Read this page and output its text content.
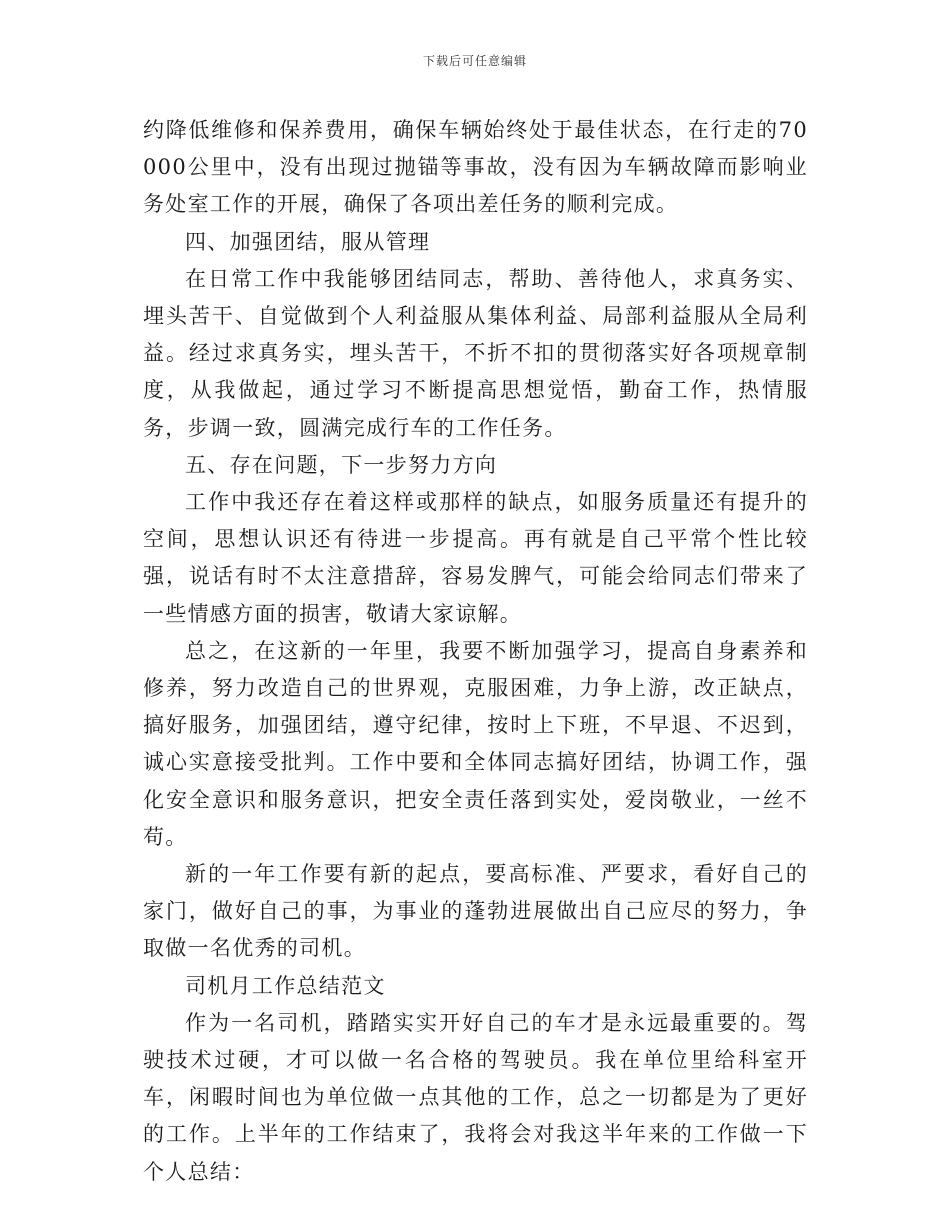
下载后可任意编辑

约降低维修和保养费用，确保车辆始终处于最佳状态，在行走的70000公里中，没有出现过抛锚等事故，没有因为车辆故障而影响业务处室工作的开展，确保了各项出差任务的顺利完成。

四、加强团结，服从管理

在日常工作中我能够团结同志，帮助、善待他人，求真务实、埋头苦干、自觉做到个人利益服从集体利益、局部利益服从全局利益。经过求真务实，埋头苦干，不折不扣的贯彻落实好各项规章制度，从我做起，通过学习不断提高思想觉悟，勤奋工作，热情服务，步调一致，圆满完成行车的工作任务。

五、存在问题，下一步努力方向

工作中我还存在着这样或那样的缺点，如服务质量还有提升的空间，思想认识还有待进一步提高。再有就是自己平常个性比较强，说话有时不太注意措辞，容易发脾气，可能会给同志们带来了一些情感方面的损害，敬请大家谅解。

总之，在这新的一年里，我要不断加强学习，提高自身素养和修养，努力改造自己的世界观，克服困难，力争上游，改正缺点，搞好服务，加强团结，遵守纪律，按时上下班，不早退、不迟到，诚心实意接受批判。工作中要和全体同志搞好团结，协调工作，强化安全意识和服务意识，把安全责任落到实处，爱岗敬业，一丝不苟。

新的一年工作要有新的起点，要高标准、严要求，看好自己的家门，做好自己的事，为事业的蓬勃进展做出自己应尽的努力，争取做一名优秀的司机。

司机月工作总结范文

作为一名司机，踏踏实实开好自己的车才是永远最重要的。驾驶技术过硬，才可以做一名合格的驾驶员。我在单位里给科室开车，闲暇时间也为单位做一点其他的工作，总之一切都是为了更好的工作。上半年的工作结束了，我将会对我这半年来的工作做一下个人总结：
